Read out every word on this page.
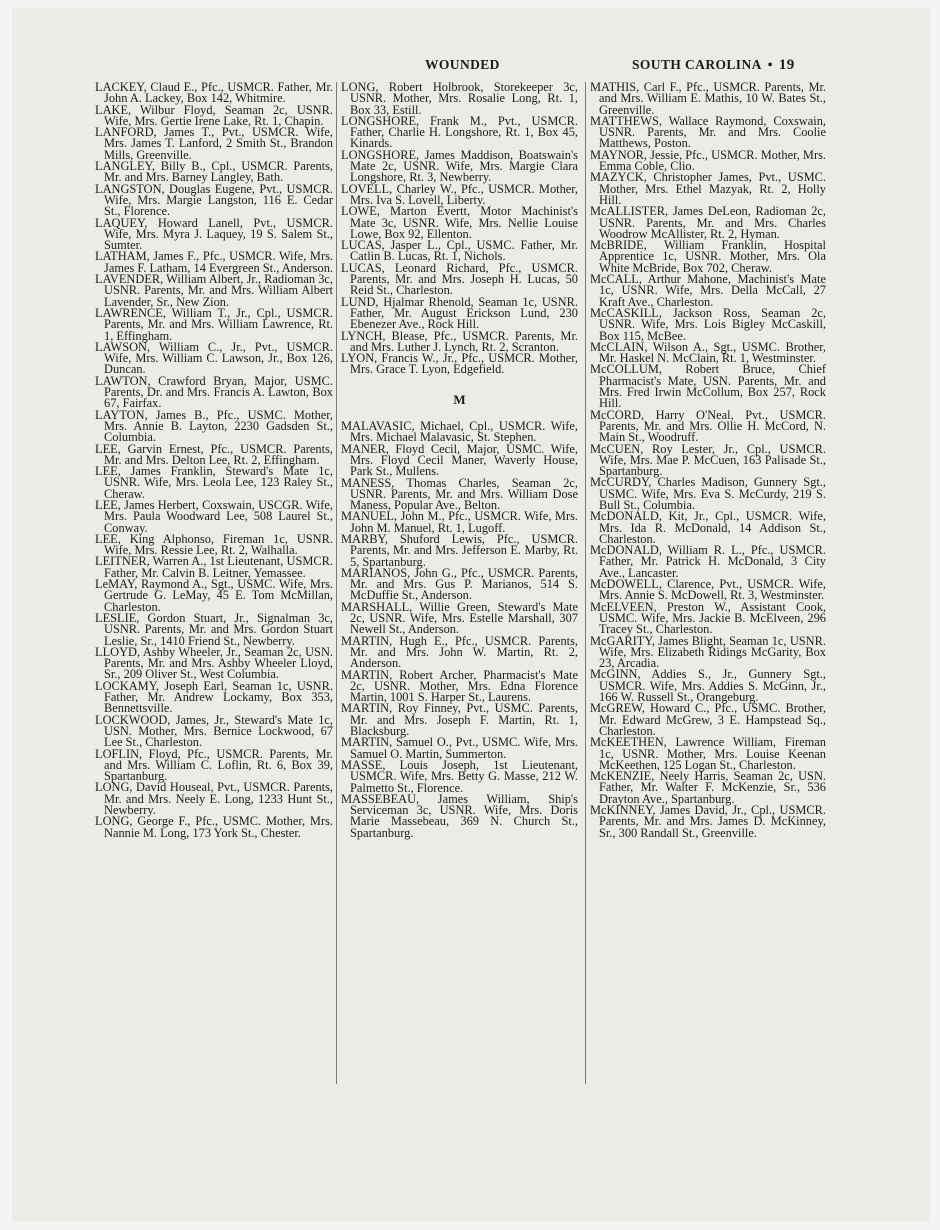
WOUNDED	SOUTH CAROLINA • 19

LACKEY, Claud E., Pfc., USMCR. Father, Mr. John A. Lackey, Box 142, Whitmire.

LAKE, Wilbur Floyd, Seaman 2c, USNR. Wife, Mrs. Gertie Irene Lake, Rt. 1, Chapin.

LANFORD, James T., Pvt., USMCR. Wife, Mrs. James T. Lanford, 2 Smith St., Brandon Mills, Greenville.

LANGLEY, Billy B., Cpl., USMCR. Parents, Mr. and Mrs. Barney Langley, Bath.

LANGSTON, Douglas Eugene, Pvt., USMCR. Wife, Mrs. Margie Langston, 116 E. Cedar St., Florence.

LAQUEY, Howard Lanell, Pvt., USMCR. Wife, Mrs. Myra J. Laquey, 19 S. Salem St., Sumter.

LATHAM, James F., Pfc., USMCR. Wife, Mrs. James F. Latham, 14 Evergreen St., Anderson.

LAVENDER, William Albert, Jr., Radioman 3c, USNR. Parents, Mr. and Mrs. William Albert Lavender, Sr., New Zion.

LAWRENCE, William T., Jr., Cpl., USMCR. Parents, Mr. and Mrs. William Lawrence, Rt. 1, Effingham.

LAWSON, William C., Jr., Pvt., USMCR. Wife, Mrs. William C. Lawson, Jr., Box 126, Duncan.

LAWTON, Crawford Bryan, Major, USMC. Parents, Dr. and Mrs. Francis A. Lawton, Box 67, Fairfax.

LAYTON, James B., Pfc., USMC. Mother, Mrs. Annie B. Layton, 2230 Gadsden St., Columbia.

LEE, Garvin Ernest, Pfc., USMCR. Parents, Mr. and Mrs. Delton Lee, Rt. 2, Effingham.

LEE, James Franklin, Steward's Mate 1c, USNR. Wife, Mrs. Leola Lee, 123 Raley St., Cheraw.

LEE, James Herbert, Coxswain, USCGR. Wife, Mrs. Paula Woodward Lee, 508 Laurel St., Conway.

LEE, King Alphonso, Fireman 1c, USNR. Wife, Mrs. Ressie Lee, Rt. 2, Walhalla.

LEITNER, Warren A., 1st Lieutenant, USMCR. Father, Mr. Calvin B. Leitner, Yemassee.

LeMAY, Raymond A., Sgt., USMC. Wife, Mrs. Gertrude G. LeMay, 45 E. Tom McMillan, Charleston.

LESLIE, Gordon Stuart, Jr., Signalman 3c, USNR. Parents, Mr. and Mrs. Gordon Stuart Leslie, Sr., 1410 Friend St., Newberry.

LLOYD, Ashby Wheeler, Jr., Seaman 2c, USN. Parents, Mr. and Mrs. Ashby Wheeler Lloyd, Sr., 209 Oliver St., West Columbia.

LOCKAMY, Joseph Earl, Seaman 1c, USNR. Father, Mr. Andrew Lockamy, Box 353, Bennettsville.

LOCKWOOD, James, Jr., Steward's Mate 1c, USN. Mother, Mrs. Bernice Lockwood, 67 Lee St., Charleston.

LOFLIN, Floyd, Pfc., USMCR. Parents, Mr. and Mrs. William C. Loflin, Rt. 6, Box 39, Spartanburg.

LONG, David Houseal, Pvt., USMCR. Parents, Mr. and Mrs. Neely E. Long, 1233 Hunt St., Newberry.

LONG, George F., Pfc., USMC. Mother, Mrs. Nannie M. Long, 173 York St., Chester.

LONG, Robert Holbrook, Storekeeper 3c, USNR. Mother, Mrs. Rosalie Long, Rt. 1, Box 33, Estill.

LONGSHORE, Frank M., Pvt., USMCR. Father, Charlie H. Longshore, Rt. 1, Box 45, Kinards.

LONGSHORE, James Maddison, Boatswain's Mate 2c, USNR. Wife, Mrs. Margie Clara Longshore, Rt. 3, Newberry.

LOVELL, Charley W., Pfc., USMCR. Mother, Mrs. Iva S. Lovell, Liberty.

LOWE, Marton Evertt, Motor Machinist's Mate 3c, USNR. Wife, Mrs. Nellie Louise Lowe, Box 92, Ellenton.

LUCAS, Jasper L., Cpl., USMC. Father, Mr. Catlin B. Lucas, Rt. 1, Nichols.

LUCAS, Leonard Richard, Pfc., USMCR. Parents, Mr. and Mrs. Joseph H. Lucas, 50 Reid St., Charleston.

LUND, Hjalmar Rhenold, Seaman 1c, USNR. Father, Mr. August Erickson Lund, 230 Ebenezer Ave., Rock Hill.

LYNCH, Blease, Pfc., USMCR. Parents, Mr. and Mrs. Luther J. Lynch, Rt. 2, Scranton.

LYON, Francis W., Jr., Pfc., USMCR. Mother, Mrs. Grace T. Lyon, Edgefield.

M

MALAVASIC, Michael, Cpl., USMCR. Wife, Mrs. Michael Malavasic, St. Stephen.

MANER, Floyd Cecil, Major, USMC. Wife, Mrs. Floyd Cecil Maner, Waverly House, Park St., Mullens.

MANESS, Thomas Charles, Seaman 2c, USNR. Parents, Mr. and Mrs. William Dose Maness, Popular Ave., Belton.

MANUEL, John M., Pfc., USMCR. Wife, Mrs. John M. Manuel, Rt. 1, Lugoff.

MARBY, Shuford Lewis, Pfc., USMCR. Parents, Mr. and Mrs. Jefferson E. Marby, Rt. 5, Spartanburg.

MARIANOS, John G., Pfc., USMCR. Parents, Mr. and Mrs. Gus P. Marianos, 514 S. McDuffie St., Anderson.

MARSHALL, Willie Green, Steward's Mate 2c, USNR. Wife, Mrs. Estelle Marshall, 307 Newell St., Anderson.

MARTIN, Hugh E., Pfc., USMCR. Parents, Mr. and Mrs. John W. Martin, Rt. 2, Anderson.

MARTIN, Robert Archer, Pharmacist's Mate 2c, USNR. Mother, Mrs. Edna Florence Martin, 1001 S. Harper St., Laurens.

MARTIN, Roy Finney, Pvt., USMC. Parents, Mr. and Mrs. Joseph F. Martin, Rt. 1, Blacksburg.

MARTIN, Samuel O., Pvt., USMC. Wife, Mrs. Samuel O. Martin, Summerton.

MASSE, Louis Joseph, 1st Lieutenant, USMCR. Wife, Mrs. Betty G. Masse, 212 W. Palmetto St., Florence.

MASSEBEAU, James William, Ship's Serviceman 3c, USNR. Wife, Mrs. Doris Marie Massebeau, 369 N. Church St., Spartanburg.

MATHIS, Carl F., Pfc., USMCR. Parents, Mr. and Mrs. William E. Mathis, 10 W. Bates St., Greenville.

MATTHEWS, Wallace Raymond, Coxswain, USNR. Parents, Mr. and Mrs. Coolie Matthews, Poston.

MAYNOR, Jessie, Pfc., USMCR. Mother, Mrs. Emma Coble, Clio.

MAZYCK, Christopher James, Pvt., USMC. Mother, Mrs. Ethel Mazyak, Rt. 2, Holly Hill.

McALLISTER, James DeLeon, Radioman 2c, USNR. Parents, Mr. and Mrs. Charles Woodrow McAllister, Rt. 2, Hyman.

McBRIDE, William Franklin, Hospital Apprentice 1c, USNR. Mother, Mrs. Ola White McBride, Box 702, Cheraw.

McCALL, Arthur Mahone, Machinist's Mate 1c, USNR. Wife, Mrs. Della McCall, 27 Kraft Ave., Charleston.

McCASKILL, Jackson Ross, Seaman 2c, USNR. Wife, Mrs. Lois Bigley McCaskill, Box 115, McBee.

McCLAIN, Wilson A., Sgt., USMC. Brother, Mr. Haskel N. McClain, Rt. 1, Westminster.

McCOLLUM, Robert Bruce, Chief Pharmacist's Mate, USN. Parents, Mr. and Mrs. Fred Irwin McCollum, Box 257, Rock Hill.

McCORD, Harry O'Neal, Pvt., USMCR. Parents, Mr. and Mrs. Ollie H. McCord, N. Main St., Woodruff.

McCUEN, Roy Lester, Jr., Cpl., USMCR. Wife, Mrs. Mae P. McCuen, 163 Palisade St., Spartanburg.

McCURDY, Charles Madison, Gunnery Sgt., USMC. Wife, Mrs. Eva S. McCurdy, 219 S. Bull St., Columbia.

McDONALD, Kit, Jr., Cpl., USMCR. Wife, Mrs. Ida R. McDonald, 14 Addison St., Charleston.

McDONALD, William R. L., Pfc., USMCR. Father, Mr. Patrick H. McDonald, 3 City Ave., Lancaster.

McDOWELL, Clarence, Pvt., USMCR. Wife, Mrs. Annie S. McDowell, Rt. 3, Westminster.

McELVEEN, Preston W., Assistant Cook, USMC. Wife, Mrs. Jackie B. McElveen, 296 Tracey St., Charleston.

McGARITY, James Blight, Seaman 1c, USNR. Wife, Mrs. Elizabeth Ridings McGarity, Box 23, Arcadia.

McGINN, Addies S., Jr., Gunnery Sgt., USMCR. Wife, Mrs. Addies S. McGinn, Jr., 166 W. Russell St., Orangeburg.

McGREW, Howard C., Pfc., USMC. Brother, Mr. Edward McGrew, 3 E. Hampstead Sq., Charleston.

McKEETHEN, Lawrence William, Fireman 1c, USNR. Mother, Mrs. Louise Keenan McKeethen, 125 Logan St., Charleston.

McKENZIE, Neely Harris, Seaman 2c, USN. Father, Mr. Walter F. McKenzie, Sr., 536 Drayton Ave., Spartanburg.

McKINNEY, James David, Jr., Cpl., USMCR. Parents, Mr. and Mrs. James D. McKinney, Sr., 300 Randall St., Greenville.
